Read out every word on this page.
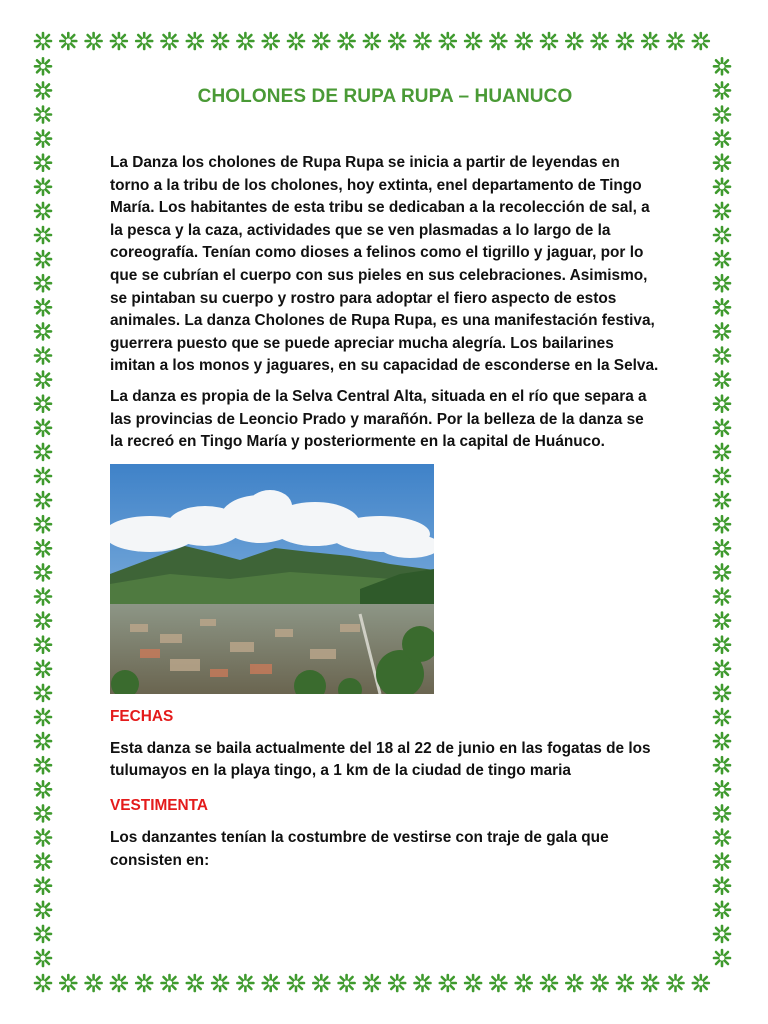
CHOLONES DE RUPA RUPA – HUANUCO

La Danza los cholones de Rupa Rupa se inicia a partir de leyendas en torno a la tribu de los cholones, hoy extinta, enel departamento de Tingo María. Los habitantes de esta tribu se dedicaban a la recolección de sal, a la pesca y la caza, actividades que se ven plasmadas a lo largo de la coreografía. Tenían como dioses a felinos como el tigrillo y jaguar, por lo que se cubrían el cuerpo con sus pieles en sus celebraciones. Asimismo, se pintaban su cuerpo y rostro para adoptar el fiero aspecto de estos animales. La danza Cholones de Rupa Rupa, es una manifestación festiva, guerrera puesto que se puede apreciar mucha alegría. Los bailarines imitan a los monos y jaguares, en su capacidad de esconderse en la Selva.

La danza es propia de la Selva Central Alta, situada en el río que separa a las provincias de Leoncio Prado y marañón. Por la belleza de la danza se la recreó en Tingo María y posteriormente en la capital de Huánuco.

FECHAS

Esta danza se baila actualmente del 18 al 22 de junio en las fogatas de los tulumayos en la playa tingo, a 1 km de la ciudad de tingo maria

VESTIMENTA

Los danzantes tenían la costumbre de vestirse con traje de gala que consisten en:
